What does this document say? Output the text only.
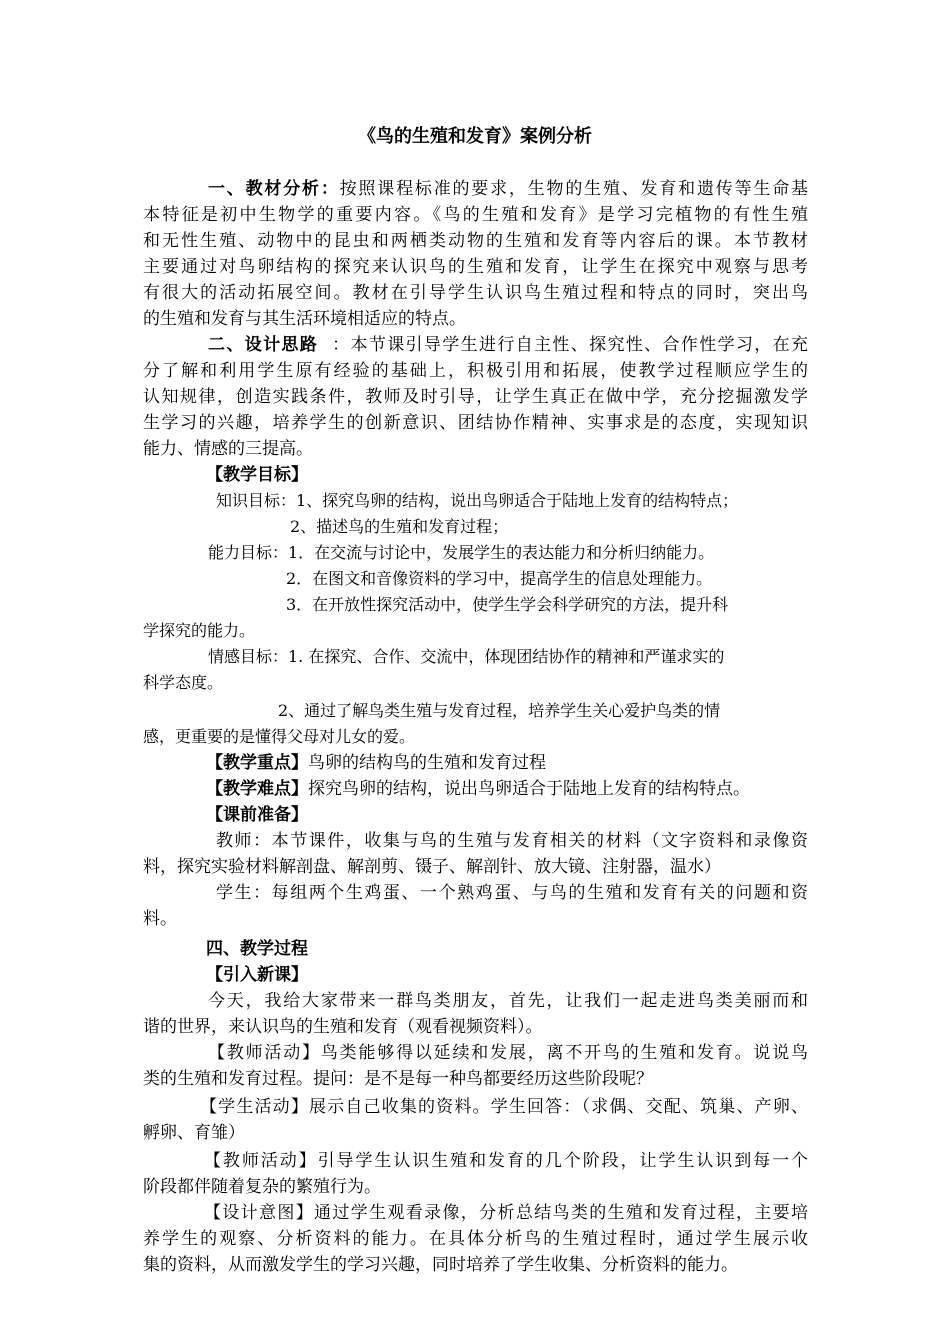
《鸟的生殖和发育》案例分析
一、教材分析：按照课程标准的要求，生物的生殖、发育和遗传等生命基
本特征是初中生物学的重要内容。《鸟的生殖和发育》是学习完植物的有性生殖
和无性生殖、动物中的昆虫和两栖类动物的生殖和发育等内容后的课。本节教材
主要通过对鸟卵结构的探究来认识鸟的生殖和发育，让学生在探究中观察与思考
有很大的活动拓展空间。教材在引导学生认识鸟生殖过程和特点的同时，突出鸟
的生殖和发育与其生活环境相适应的特点。
二、设计思路 ：本节课引导学生进行自主性、探究性、合作性学习，在充
分了解和利用学生原有经验的基础上，积极引用和拓展，使教学过程顺应学生的
认知规律，创造实践条件，教师及时引导，让学生真正在做中学，充分挖掘激发学
生学习的兴趣，培养学生的创新意识、团结协作精神、实事求是的态度，实现知识
能力、情感的三提高。
【教学目标】
知识目标：1、探究鸟卵的结构，说出鸟卵适合于陆地上发育的结构特点；
2、描述鸟的生殖和发育过程；
能力目标：1．在交流与讨论中，发展学生的表达能力和分析归纳能力。
2．在图文和音像资料的学习中，提高学生的信息处理能力。
3．在开放性探究活动中，使学生学会科学研究的方法，提升科
学探究的能力。
情感目标：1. 在探究、合作、交流中，体现团结协作的精神和严谨求实的
科学态度。
2、通过了解鸟类生殖与发育过程，培养学生关心爱护鸟类的情
感，更重要的是懂得父母对儿女的爱。
【教学重点】鸟卵的结构鸟的生殖和发育过程
【教学难点】探究鸟卵的结构，说出鸟卵适合于陆地上发育的结构特点。
【课前准备】
教师：本节课件，收集与鸟的生殖与发育相关的材料（文字资料和录像资
料，探究实验材料解剖盘、解剖剪、镊子、解剖针、放大镜、注射器，温水）
学生：每组两个生鸡蛋、一个熟鸡蛋、与鸟的生殖和发育有关的问题和资
料。
四、教学过程
【引入新课】
今天，我给大家带来一群鸟类朋友，首先，让我们一起走进鸟类美丽而和
谐的世界，来认识鸟的生殖和发育（观看视频资料）。
【教师活动】鸟类能够得以延续和发展，离不开鸟的生殖和发育。说说鸟
类的生殖和发育过程。提问：是不是每一种鸟都要经历这些阶段呢？
【学生活动】展示自己收集的资料。学生回答：（求偶、交配、筑巢、产卵、
孵卵、育雏）
【教师活动】引导学生认识生殖和发育的几个阶段，让学生认识到每一个
阶段都伴随着复杂的繁殖行为。
【设计意图】通过学生观看录像，分析总结鸟类的生殖和发育过程，主要培
养学生的观察、分析资料的能力。在具体分析鸟的生殖过程时，通过学生展示收
集的资料，从而激发学生的学习兴趣，同时培养了学生收集、分析资料的能力。
